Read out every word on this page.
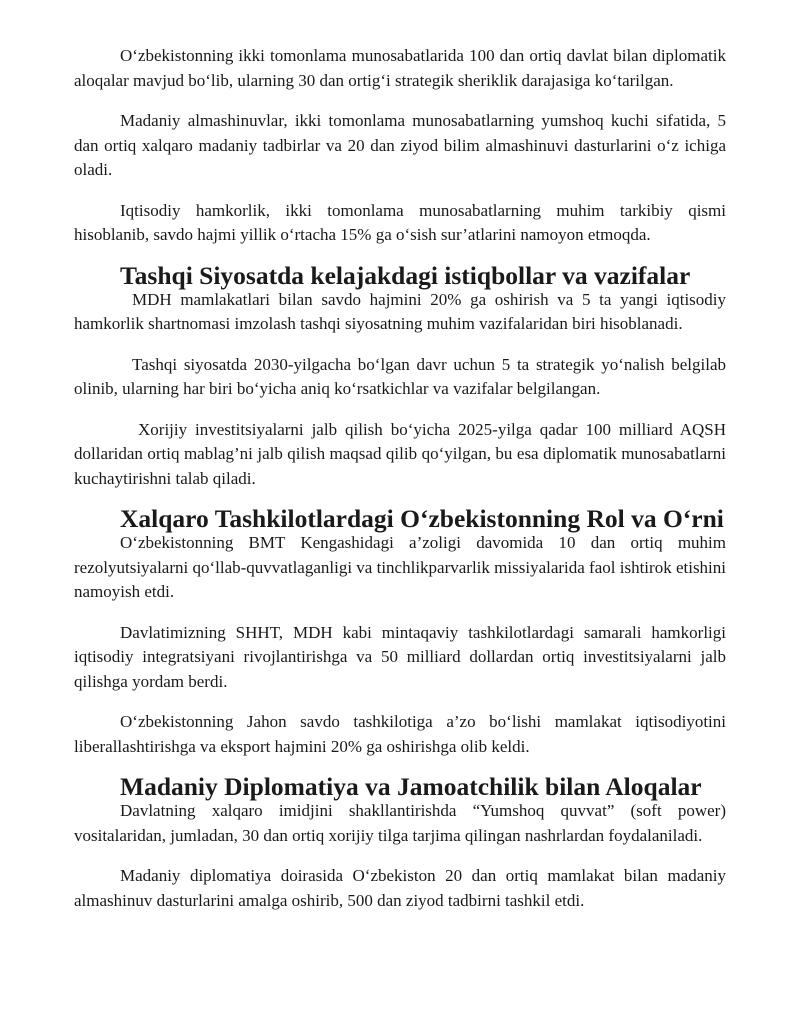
O‘zbekistonning ikki tomonlama munosabatlarida 100 dan ortiq davlat bilan diplomatik aloqalar mavjud bo‘lib, ularning 30 dan ortig‘i strategik sheriklik darajasiga ko‘tarilgan.

Madaniy almashinuvlar, ikki tomonlama munosabatlarning yumshoq kuchi sifatida, 5 dan ortiq xalqaro madaniy tadbirlar va 20 dan ziyod bilim almashinuvi dasturlarini o‘z ichiga oladi.

Iqtisodiy hamkorlik, ikki tomonlama munosabatlarning muhim tarkibiy qismi hisoblanib, savdo hajmi yillik o‘rtacha 15% ga o‘sish sur’atlarini namoyon etmoqda.

Tashqi Siyosatda kelajakdagi istiqbollar va vazifalar

MDH mamlakatlari bilan savdo hajmini 20% ga oshirish va 5 ta yangi iqtisodiy hamkorlik shartnomasi imzolash tashqi siyosatning muhim vazifalaridan biri hisoblanadi.

Tashqi siyosatda 2030-yilgacha bo‘lgan davr uchun 5 ta strategik yo‘nalish belgilab olinib, ularning har biri bo‘yicha aniq ko‘rsatkichlar va vazifalar belgilangan.

Xorijiy investitsiyalarni jalb qilish bo‘yicha 2025-yilga qadar 100 milliard AQSH dollaridan ortiq mablag’ni jalb qilish maqsad qilib qo‘yilgan, bu esa diplomatik munosabatlarni kuchaytirishni talab qiladi.

Xalqaro Tashkilotlardagi O‘zbekistonning Rol va O‘rni

O‘zbekistonning BMT Kengashidagi a’zoligi davomida 10 dan ortiq muhim rezolyutsiyalarni qo‘llab-quvvatlaganligi va tinchlikparvarlik missiyalarida faol ishtirok etishini namoyish etdi.

Davlatimizning SHHT, MDH kabi mintaqaviy tashkilotlardagi samarali hamkorligi iqtisodiy integratsiyani rivojlantirishga va 50 milliard dollardan ortiq investitsiyalarni jalb qilishga yordam berdi.

O‘zbekistonning Jahon savdo tashkilotiga a’zo bo‘lishi mamlakat iqtisodiyotini liberallashtirishga va eksport hajmini 20% ga oshirishga olib keldi.

Madaniy Diplomatiya va Jamoatchilik bilan Aloqalar

Davlatning xalqaro imidjini shakllantirishda “Yumshoq quvvat” (soft power) vositalaridan, jumladan, 30 dan ortiq xorijiy tilga tarjima qilingan nashrlardan foydalaniladi.

Madaniy diplomatiya doirasida O‘zbekiston 20 dan ortiq mamlakat bilan madaniy almashinuv dasturlarini amalga oshirib, 500 dan ziyod tadbirni tashkil etdi.
